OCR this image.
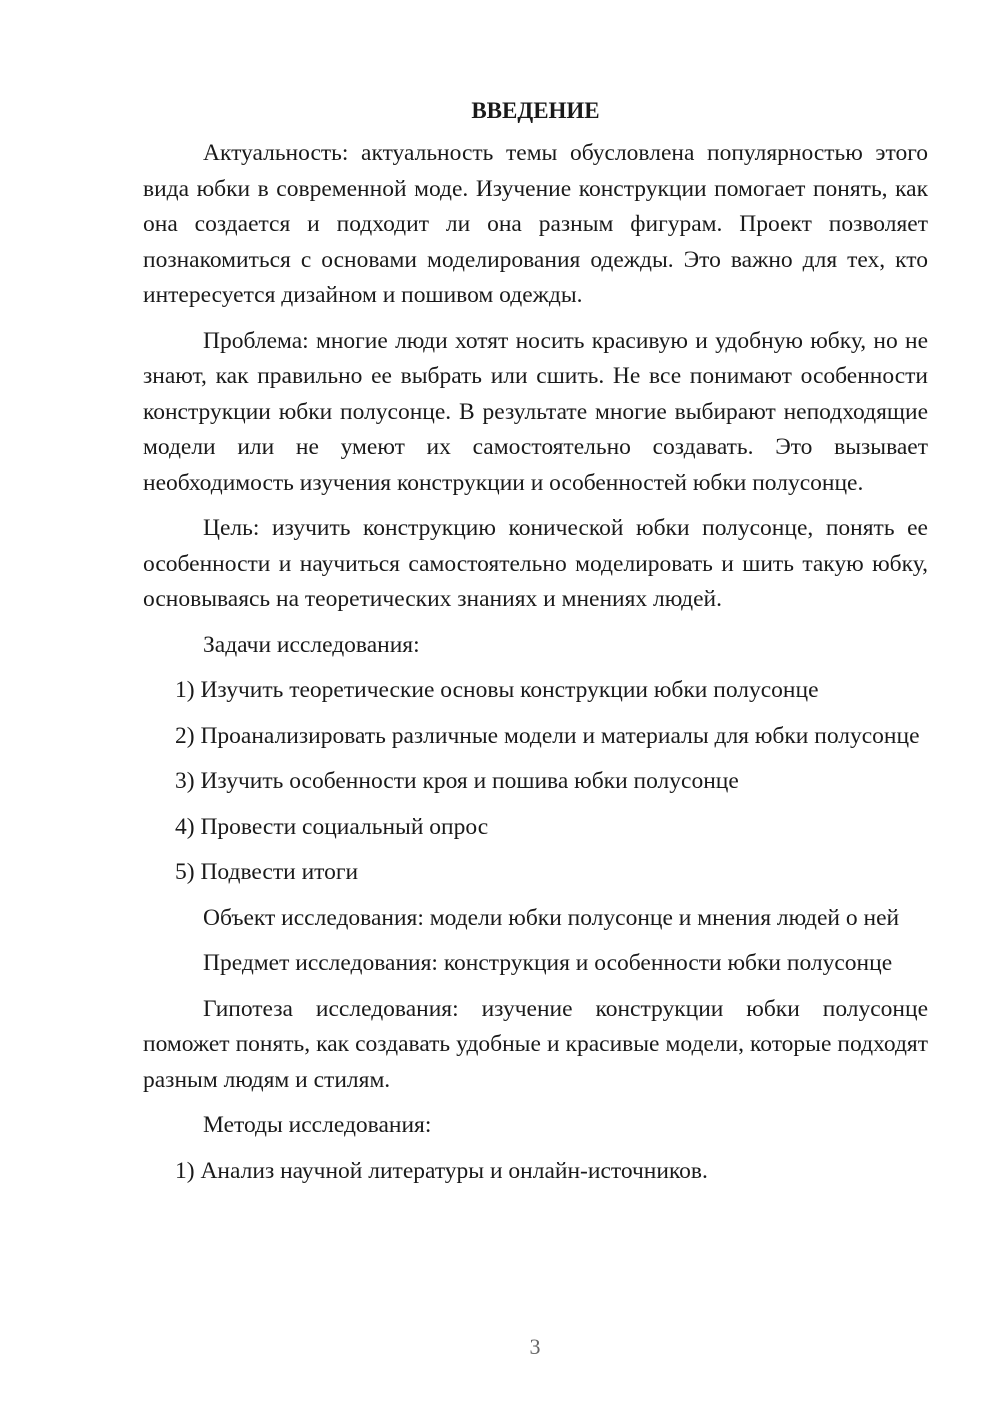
ВВЕДЕНИЕ

Актуальность: актуальность темы обусловлена популярностью этого вида юбки в современной моде. Изучение конструкции помогает понять, как она создается и подходит ли она разным фигурам. Проект позволяет познакомиться с основами моделирования одежды. Это важно для тех, кто интересуется дизайном и пошивом одежды.

Проблема: многие люди хотят носить красивую и удобную юбку, но не знают, как правильно ее выбрать или сшить. Не все понимают особенности конструкции юбки полусонце. В результате многие выбирают неподходящие модели или не умеют их самостоятельно создавать. Это вызывает необходимость изучения конструкции и особенностей юбки полусонце.

Цель: изучить конструкцию конической юбки полусонце, понять ее особенности и научиться самостоятельно моделировать и шить такую юбку, основываясь на теоретических знаниях и мнениях людей.

Задачи исследования:

1) Изучить теоретические основы конструкции юбки полусонце

2) Проанализировать различные модели и материалы для юбки полусонце

3) Изучить особенности кроя и пошива юбки полусонце

4) Провести социальный опрос

5) Подвести итоги

Объект исследования: модели юбки полусонце и мнения людей о ней

Предмет исследования: конструкция и особенности юбки полусонце

Гипотеза исследования: изучение конструкции юбки полусонце поможет понять, как создавать удобные и красивые модели, которые подходят разным людям и стилям.

Методы исследования:

1) Анализ научной литературы и онлайн-источников.

3
